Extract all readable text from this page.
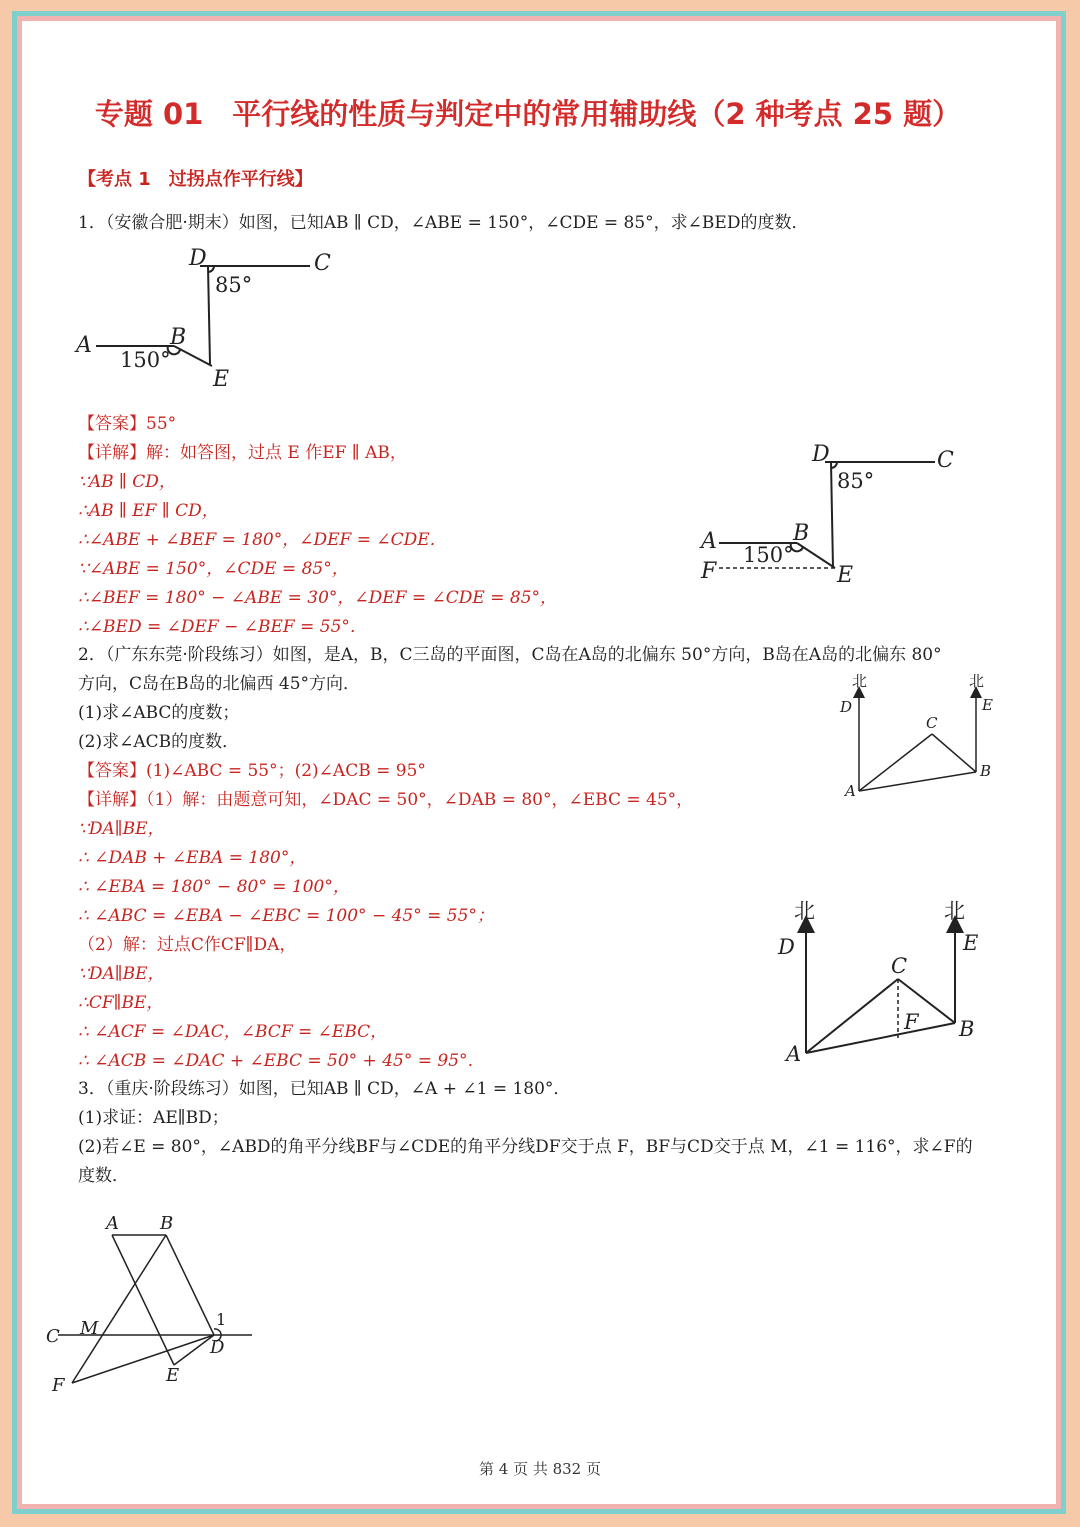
专题 01　平行线的性质与判定中的常用辅助线（2 种考点 25 题）
【考点 1　过拐点作平行线】
1．（安徽合肥·期末）如图，已知AB ∥ CD，∠ABE = 150°，∠CDE = 85°，求∠BED的度数．
D	C
A	B
E
85°
150°
【答案】55°
【详解】解：如答图，过点 E 作EF ∥ AB，
∵AB ∥ CD，
∴AB ∥ EF ∥ CD，
∴∠ABE + ∠BEF = 180°，∠DEF = ∠CDE．
∵∠ABE = 150°，∠CDE = 85°，
∴∠BEF = 180° − ∠ABE = 30°，∠DEF = ∠CDE = 85°，
∴∠BED = ∠DEF − ∠BEF = 55°．
D	C
A	B
F	E
85°
150°
2．（广东东莞·阶段练习）如图，是A，B，C三岛的平面图，C岛在A岛的北偏东 50°方向，B岛在A岛的北偏东 80°
方向，C岛在B岛的北偏西 45°方向．
(1)求∠ABC的度数；
(2)求∠ACB的度数．
北	北
D	E
C
A
B
【答案】(1)∠ABC = 55°；(2)∠ACB = 95°
【详解】（1）解：由题意可知，∠DAC = 50°，∠DAB = 80°，∠EBC = 45°，
∵DA∥BE，
∴ ∠DAB + ∠EBA = 180°，
∴ ∠EBA = 180° − 80° = 100°，
∴ ∠ABC = ∠EBA − ∠EBC = 100° − 45° = 55°；
（2）解：过点C作CF∥DA，
∵DA∥BE，
∴CF∥BE，
∴ ∠ACF = ∠DAC，∠BCF = ∠EBC，
∴ ∠ACB = ∠DAC + ∠EBC = 50° + 45° = 95°．
北	北
D	E
C
F
A
B
3．（重庆·阶段练习）如图，已知AB ∥ CD，∠A + ∠1 = 180°．
(1)求证：AE∥BD；
(2)若∠E = 80°，∠ABD的角平分线BF与∠CDE的角平分线DF交于点 F，BF与CD交于点 M，∠1 = 116°，求∠F的
度数．
A B
C M
D
E
F
1
第 4 页 共 832 页
